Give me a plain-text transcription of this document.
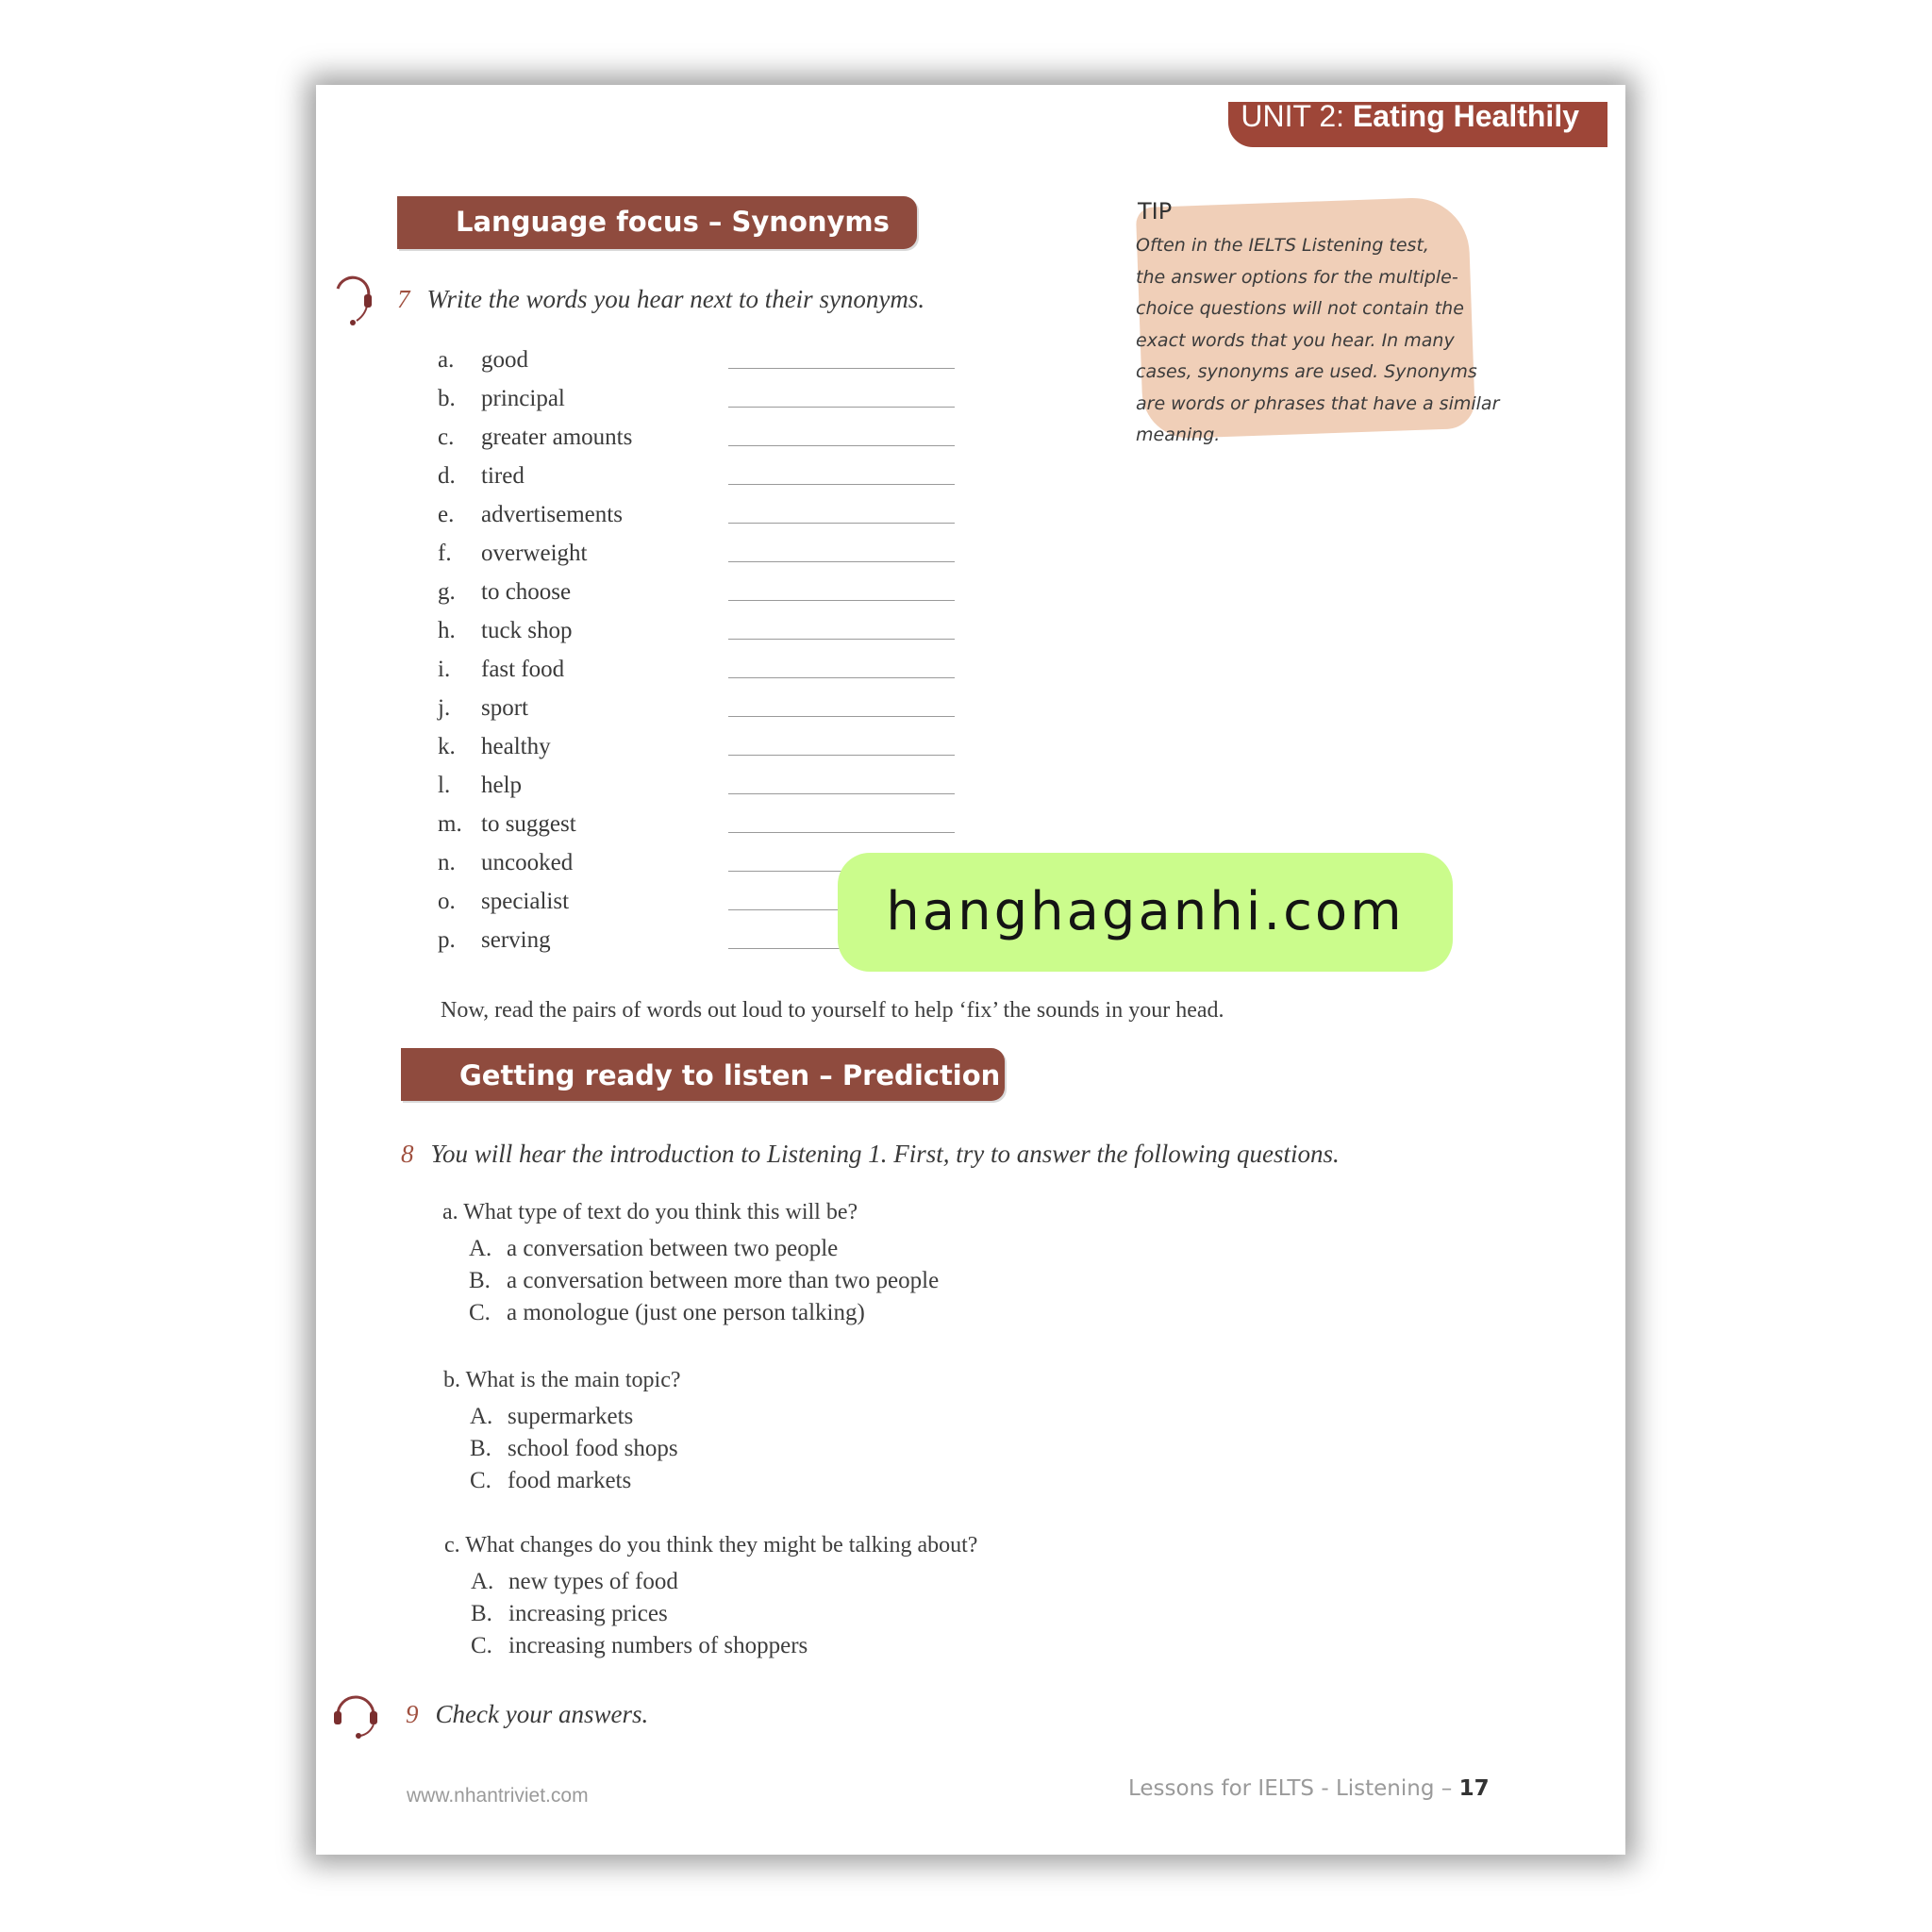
UNIT 2: Eating Healthily
Language focus – Synonyms
7 Write the words you hear next to their synonyms.
a.	good
b.	principal
c.	greater amounts
d.	tired
e.	advertisements
f.	overweight
g.	to choose
h.	tuck shop
i.	fast food
j.	sport
k.	healthy
l.	help
m. to suggest
n.	uncooked
o.	specialist
p.	serving
TIP
Often in the IELTS Listening test,
the answer options for the multiple-
choice questions will not contain the
exact words that you hear. In many
cases, synonyms are used. Synonyms
are words or phrases that have a similar
meaning.
hanghaganhi.com
Now, read the pairs of words out loud to yourself to help ‘fix’ the sounds in your head.
Getting ready to listen – Prediction
8 You will hear the introduction to Listening 1. First, try to answer the following questions.
a. What type of text do you think this will be?
A. a conversation between two people
B. a conversation between more than two people
C. a monologue (just one person talking)
b. What is the main topic?
A. supermarkets
B. school food shops
C. food markets
c. What changes do you think they might be talking about?
A. new types of food
B. increasing prices
C. increasing numbers of shoppers
9 Check your answers.
www.nhantriviet.com	Lessons for IELTS - Listening – 17
